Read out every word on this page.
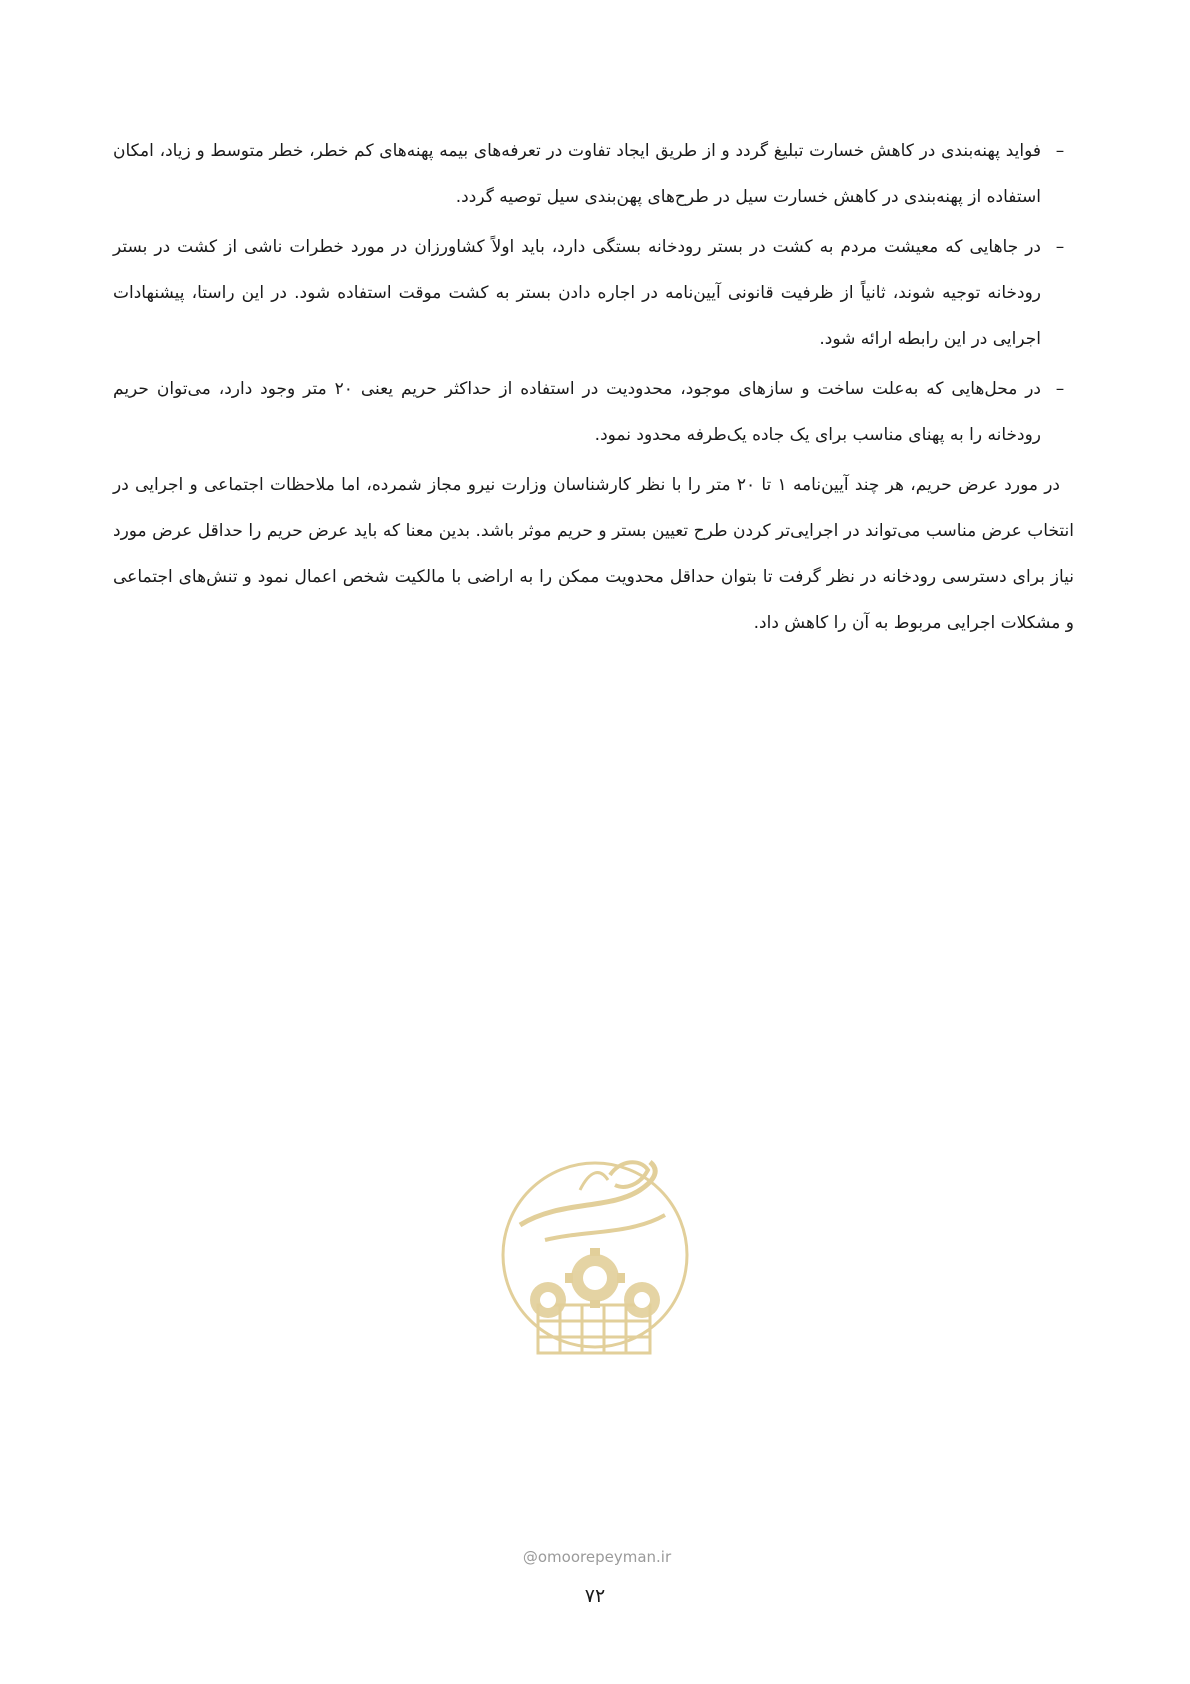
–
فواید پهنه‌بندی در کاهش خسارت تبلیغ گردد و از طریق ایجاد تفاوت در تعرفه‌های بیمه پهنه‌های کم خطر، خطر متوسط و زیاد، امکان استفاده از پهنه‌بندی در کاهش خسارت سیل در طرح‌های پهن‌بندی سیل توصیه گردد.
–
در جاهایی که معیشت مردم به کشت در بستر رودخانه بستگی دارد، باید اولاً کشاورزان در مورد خطرات ناشی از کشت در بستر رودخانه توجیه شوند، ثانیاً از ظرفیت قانونی آیین‌نامه در اجاره دادن بستر به کشت موقت استفاده شود. در این راستا، پیشنهادات اجرایی در این رابطه ارائه شود.
–
در محل‌هایی که به‌علت ساخت و سازهای موجود، محدودیت در استفاده از حداکثر حریم یعنی ۲۰ متر وجود دارد، می‌توان حریم رودخانه را به پهنای مناسب برای یک جاده یک‌طرفه محدود نمود.

در مورد عرض حریم، هر چند آیین‌نامه ۱ تا ۲۰ متر را با نظر کارشناسان وزارت نیرو مجاز شمرده، اما ملاحظات اجتماعی و اجرایی در انتخاب عرض مناسب می‌تواند در اجرایی‌تر کردن طرح تعیین بستر و حریم موثر باشد. بدین معنا که باید عرض حریم را حداقل عرض مورد نیاز برای دسترسی رودخانه در نظر گرفت تا بتوان حداقل محدویت ممکن را به اراضی با مالکیت شخص اعمال نمود و تنش‌های اجتماعی و مشکلات اجرایی مربوط به آن را کاهش داد.

@omoorepeyman.ir
۷۲
